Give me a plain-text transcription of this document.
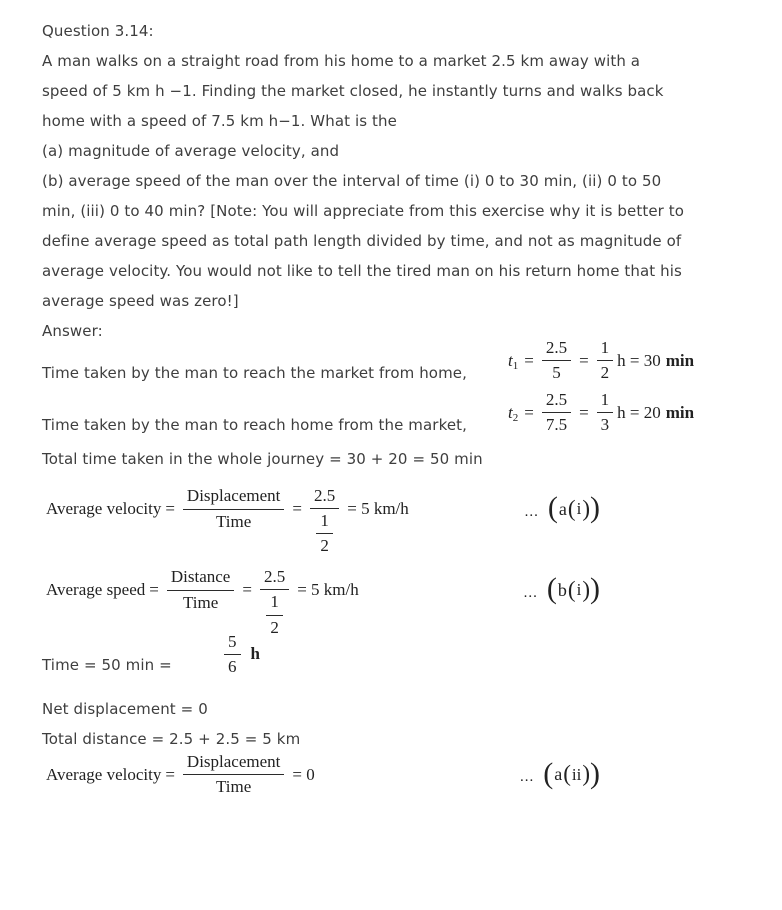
Question 3.14:
A man walks on a straight road from his home to a market 2.5 km away with a
speed of 5 km h −1. Finding the market closed, he instantly turns and walks back
home with a speed of 7.5 km h−1. What is the
(a) magnitude of average velocity, and
(b) average speed of the man over the interval of time (i) 0 to 30 min, (ii) 0 to 50
min, (iii) 0 to 40 min? [Note: You will appreciate from this exercise why it is better to
define average speed as total path length divided by time, and not as magnitude of
average velocity. You would not like to tell the tired man on his return home that his
average speed was zero!]
Answer:
Time taken by the man to reach the market from home,
t $1 = \frac{2.5}{5} = \frac{1}{2}$ h = 30 min
Time taken by the man to reach home from the market,
t $2 = \frac{2.5}{7.5} = \frac{1}{3}$ h = 20 min
Total time taken in the whole journey = 30 + 20 = 50 min
Average velocity = $\frac{\text{Displacement}}{\text{Time}} = \frac{2.5}{\frac{1}{2}} = 5$ km/h	... ( a ( i ) )
Average speed = $\frac{\text{Distance}}{\text{Time}} = \frac{2.5}{\frac{1}{2}} = 5$ km/h	... ( b ( i ) )
Time = 50 min =	$\frac{5}{6}$ h
Net displacement = 0
Total distance = 2.5 + 2.5 = 5 km
Average velocity = $\frac{\text{Displacement}}{\text{Time}} = 0$	... ( a ( ii ) )
